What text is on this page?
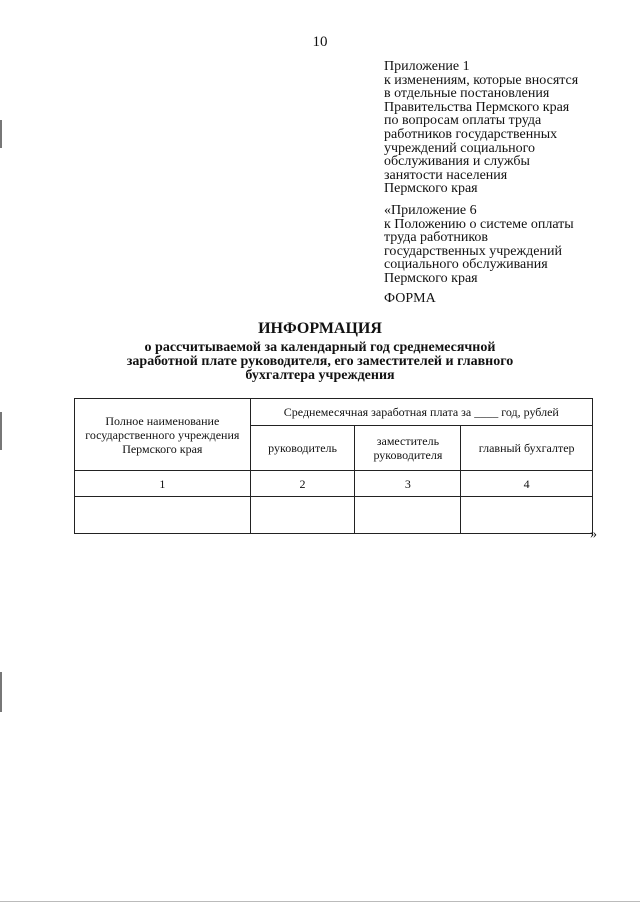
10
Приложение 1
к изменениям, которые вносятся
в отдельные постановления
Правительства Пермского края
по вопросам оплаты труда
работников государственных
учреждений социального
обслуживания и службы
занятости населения
Пермского края
«Приложение 6
к Положению о системе оплаты
труда работников
государственных учреждений
социального обслуживания
Пермского края
ФОРМА
ИНФОРМАЦИЯ
о рассчитываемой за календарный год среднемесячной
заработной плате руководителя, его заместителей и главного
бухгалтера учреждения
Полное наименование государственного учреждения Пермского края	Среднемесячная заработная плата за ____ год, рублей		
	руководитель	заместитель руководителя	главный бухгалтер
1	2	3	4

»
